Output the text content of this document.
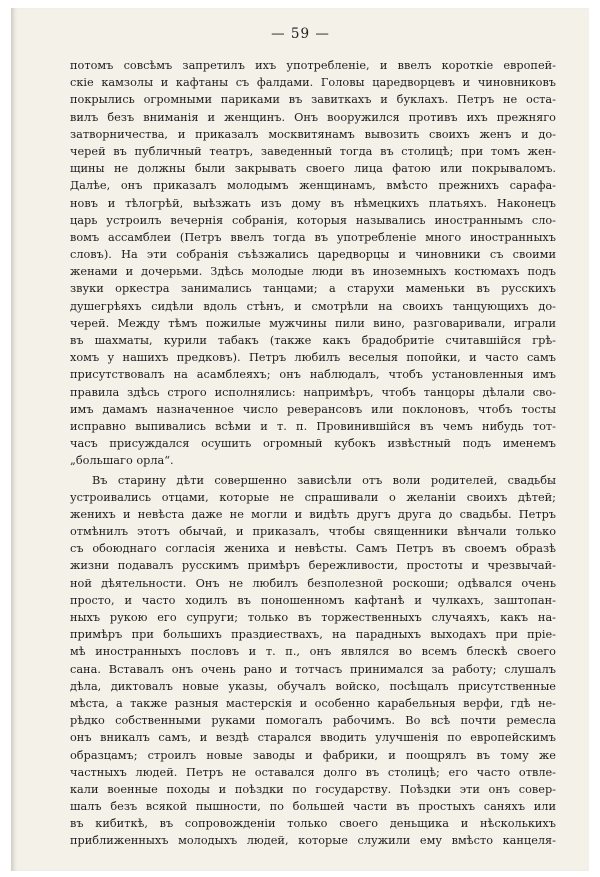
— 59 —
потомъ совсѣмъ запретилъ ихъ употребленіе, и ввелъ короткіе европей-
скіе камзолы и кафтаны съ фалдами. Головы царедворцевъ и чиновниковъ
покрылись огромными париками въ завиткахъ и буклахъ. Петръ не оста-
вилъ безъ вниманія и женщинъ. Онъ вооружился противъ ихъ прежняго
затворничества, и приказалъ москвитянамъ вывозить своихъ женъ и до-
черей въ публичный театръ, заведенный тогда въ столицѣ; при томъ жен-
щины не должны были закрывать своего лица фатою или покрываломъ.
Далѣе, онъ приказалъ молодымъ женщинамъ, вмѣсто прежнихъ сарафа-
новъ и тѣлогрѣй, выѣзжать изъ дому въ нѣмецкихъ платьяхъ. Наконецъ
царь устроилъ вечернія собранія, которыя назывались иностраннымъ сло-
вомъ ассамблеи (Петръ ввелъ тогда въ употребленіе много иностранныхъ
словъ). На эти собранія съѣзжались царедворцы и чиновники съ своими
женами и дочерьми. Здѣсь молодые люди въ иноземныхъ костюмахъ подъ
звуки оркестра занимались танцами; а старухи маменьки въ русскихъ
душегрѣяхъ сидѣли вдоль стѣнъ, и смотрѣли на своихъ танцующихъ до-
черей. Между тѣмъ пожилые мужчины пили вино, разговаривали, играли
въ шахматы, курили табакъ (также какъ брадобритіе считавшійся грѣ-
хомъ у нашихъ предковъ). Петръ любилъ веселыя попойки, и часто самъ
присутствовалъ на асамблеяхъ; онъ наблюдалъ, чтобъ установленныя имъ
правила здѣсь строго исполнялись: напримѣръ, чтобъ танцоры дѣлали сво-
имъ дамамъ назначенное число реверансовъ или поклоновъ, чтобъ тосты
исправно выпивались всѣми и т. п. Провинившійся въ чемъ нибудь тот-
часъ присуждался осушить огромный кубокъ извѣстный подъ именемъ
„большаго орла“.
Въ старину дѣти совершенно зависѣли отъ воли родителей, свадьбы
устроивались отцами, которые не спрашивали о желаніи своихъ дѣтей;
женихъ и невѣста даже не могли и видѣть другъ друга до свадьбы. Петръ
отмѣнилъ этотъ обычай, и приказалъ, чтобы священники вѣнчали только
съ обоюднаго согласія жениха и невѣсты. Самъ Петръ въ своемъ образѣ
жизни подавалъ русскимъ примѣръ бережливости, простоты и чрезвычай-
ной дѣятельности. Онъ не любилъ безполезной роскоши; одѣвался очень
просто, и часто ходилъ въ поношенномъ кафтанѣ и чулкахъ, заштопан-
ныхъ рукою его супруги; только въ торжественныхъ случаяхъ, какъ на-
примѣръ при большихъ праздиествахъ, на парадныхъ выходахъ при пріе-
мѣ иностранныхъ пословъ и т. п., онъ являлся во всемъ блескѣ своего
сана. Вставалъ онъ очень рано и тотчасъ принимался за работу; слушалъ
дѣла, диктовалъ новые указы, обучалъ войско, посѣщалъ присутственные
мѣста, а также разныя мастерскія и особенно карабельныя верфи, гдѣ не-
рѣдко собственными руками помогалъ рабочимъ. Во всѣ почти ремесла
онъ вникалъ самъ, и вездѣ старался вводить улучшенія по европейскимъ
образцамъ; строилъ новые заводы и фабрики, и поощрялъ въ тому же
частныхъ людей. Петръ не оставался долго въ столицѣ; его часто отвле-
кали военные походы и поѣздки по государству. Поѣздки эти онъ совер-
шалъ безъ всякой пышности, по большей части въ простыхъ саняхъ или
въ кибиткѣ, въ сопровожденіи только своего деньщика и нѣсколькихъ
приближенныхъ молодыхъ людей, которые служили ему вмѣсто канцеля-
